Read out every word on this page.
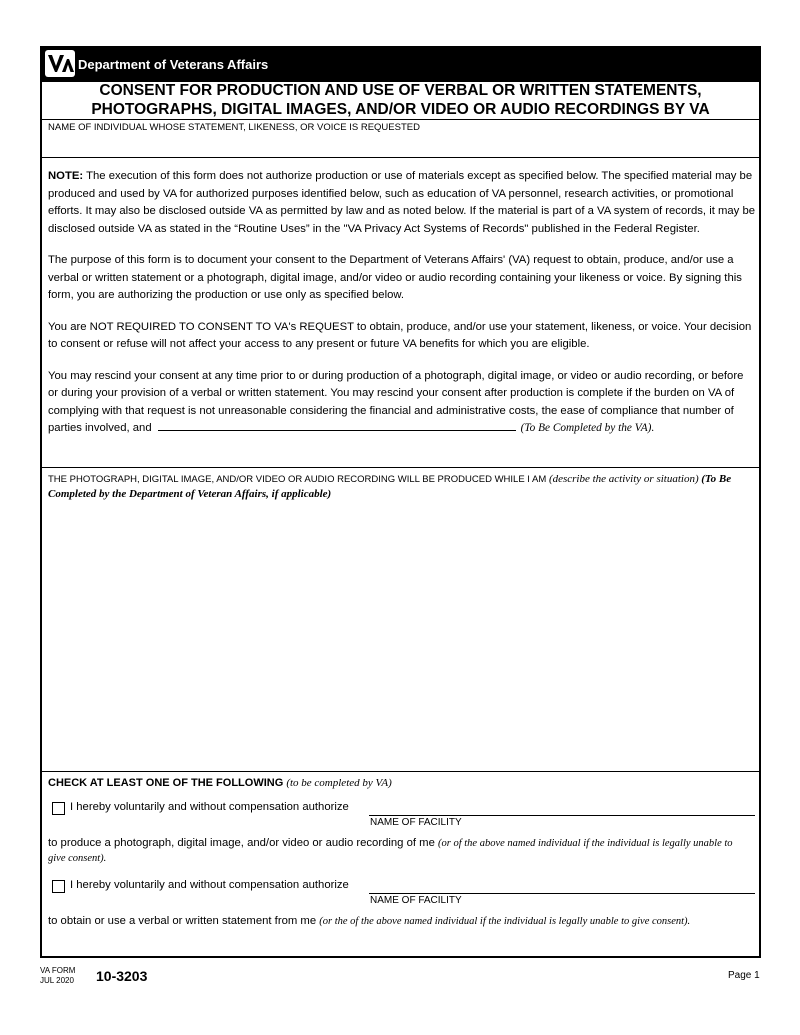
Department of Veterans Affairs
CONSENT FOR PRODUCTION AND USE OF VERBAL OR WRITTEN STATEMENTS,
PHOTOGRAPHS, DIGITAL IMAGES, AND/OR VIDEO OR AUDIO RECORDINGS BY VA
NAME OF INDIVIDUAL WHOSE STATEMENT, LIKENESS, OR VOICE IS REQUESTED

NOTE: The execution of this form does not authorize production or use of materials except as specified below. The specified material may be produced and used by VA for authorized purposes identified below, such as education of VA personnel, research activities, or promotional efforts. It may also be disclosed outside VA as permitted by law and as noted below. If the material is part of a VA system of records, it may be disclosed outside VA as stated in the “Routine Uses” in the "VA Privacy Act Systems of Records" published in the Federal Register.

The purpose of this form is to document your consent to the Department of Veterans Affairs' (VA) request to obtain, produce, and/or use a verbal or written statement or a photograph, digital image, and/or video or audio recording containing your likeness or voice. By signing this form, you are authorizing the production or use only as specified below.

You are NOT REQUIRED TO CONSENT TO VA's REQUEST to obtain, produce, and/or use your statement, likeness, or voice. Your decision to consent or refuse will not affect your access to any present or future VA benefits for which you are eligible.

You may rescind your consent at any time prior to or during production of a photograph, digital image, or video or audio recording, or before or during your provision of a verbal or written statement. You may rescind your consent after production is complete if the burden on VA of complying with that request is not unreasonable considering the financial and administrative costs, the ease of compliance that number of parties involved, and	(To Be Completed by the VA).

THE PHOTOGRAPH, DIGITAL IMAGE, AND/OR VIDEO OR AUDIO RECORDING WILL BE PRODUCED WHILE I AM (describe the activity or situation) (To Be Completed by the Department of Veteran Affairs, if applicable)
CHECK AT LEAST ONE OF THE FOLLOWING (to be completed by VA)
I hereby voluntarily and without compensation authorize
NAME OF FACILITY
to produce a photograph, digital image, and/or video or audio recording of me (or of the above named individual if the individual is legally unable to give consent).
I hereby voluntarily and without compensation authorize
NAME OF FACILITY
to obtain or use a verbal or written statement from me (or the of the above named individual if the individual is legally unable to give consent).
VA FORM
JUL 2020 10-3203	Page 1
